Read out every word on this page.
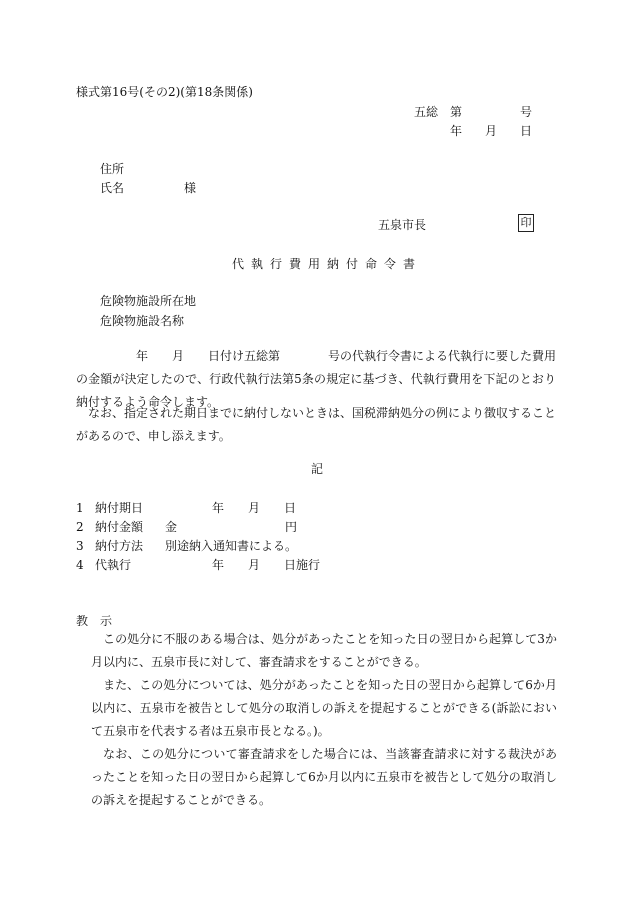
様式第16号(その2)(第18条関係)
五総 第	号
年 月 日
住所
氏名	様
五泉市長	印
代執行費用納付命令書
危険物施設所在地
危険物施設名称
年　　月　　日付け五総第　　　　号の代執行令書による代執行に要した費用の金額が決定したので、行政代執行法第5条の規定に基づき、代執行費用を下記のとおり納付するよう命令します。
なお、指定された期日までに納付しないときは、国税滞納処分の例により徴収することがあるので、申し添えます。
記
1 納付期日	年　　月　　日
2 納付金額 金　　　　　　　　　円
3 納付方法 別途納入通知書による。
4 代執行	年　　月　　日施行
教　示
この処分に不服のある場合は、処分があったことを知った日の翌日から起算して3か月以内に、五泉市長に対して、審査請求をすることができる。
また、この処分については、処分があったことを知った日の翌日から起算して6か月以内に、五泉市を被告として処分の取消しの訴えを提起することができる(訴訟において五泉市を代表する者は五泉市長となる。)。
なお、この処分について審査請求をした場合には、当該審査請求に対する裁決があったことを知った日の翌日から起算して6か月以内に五泉市を被告として処分の取消しの訴えを提起することができる。
